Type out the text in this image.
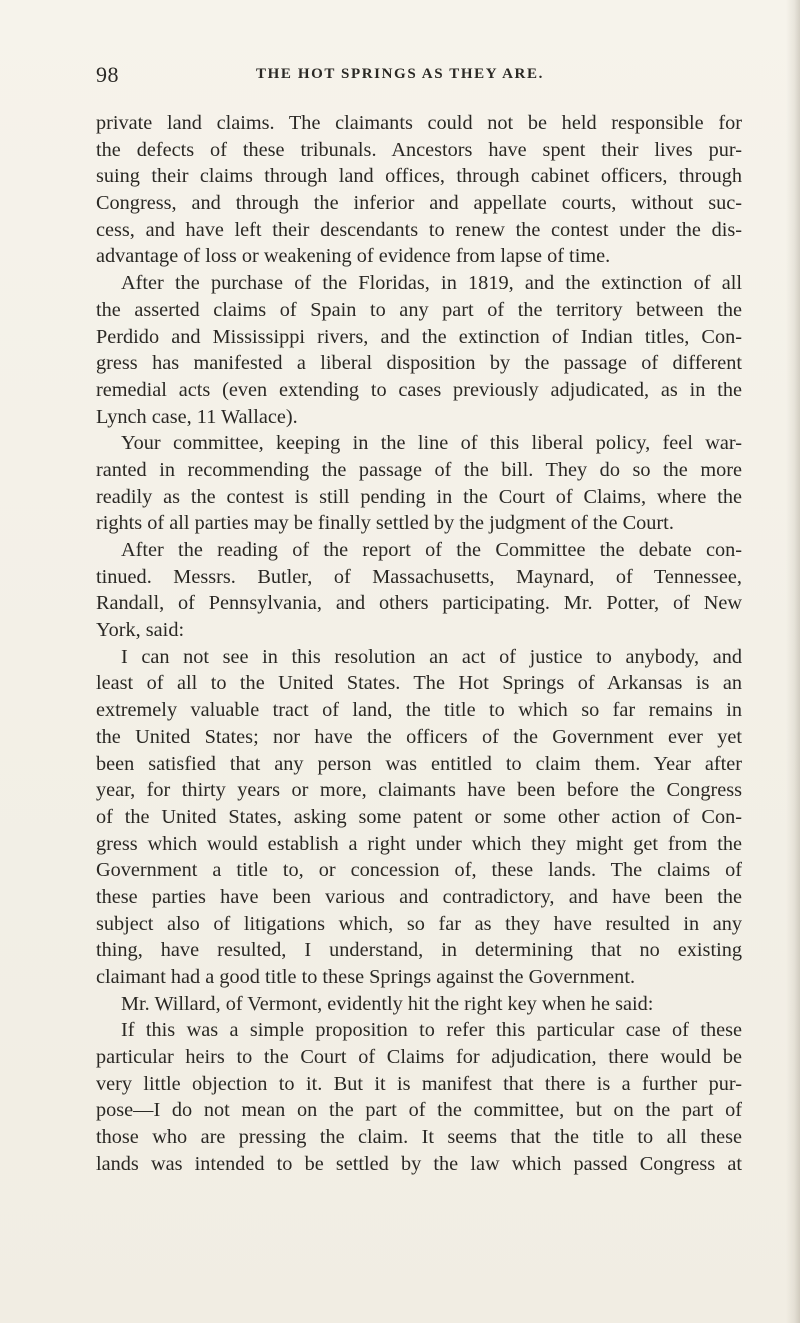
98	THE HOT SPRINGS AS THEY ARE.
private land claims. The claimants could not be held responsible for
the defects of these tribunals. Ancestors have spent their lives pur-
suing their claims through land offices, through cabinet officers, through
Congress, and through the inferior and appellate courts, without suc-
cess, and have left their descendants to renew the contest under the dis-
advantage of loss or weakening of evidence from lapse of time.
After the purchase of the Floridas, in 1819, and the extinction of all
the asserted claims of Spain to any part of the territory between the
Perdido and Mississippi rivers, and the extinction of Indian titles, Con-
gress has manifested a liberal disposition by the passage of different
remedial acts (even extending to cases previously adjudicated, as in the
Lynch case, 11 Wallace).
Your committee, keeping in the line of this liberal policy, feel war-
ranted in recommending the passage of the bill. They do so the more
readily as the contest is still pending in the Court of Claims, where the
rights of all parties may be finally settled by the judgment of the Court.
After the reading of the report of the Committee the debate con-
tinued. Messrs. Butler, of Massachusetts, Maynard, of Tennessee,
Randall, of Pennsylvania, and others participating. Mr. Potter, of New
York, said:
I can not see in this resolution an act of justice to anybody, and
least of all to the United States. The Hot Springs of Arkansas is an
extremely valuable tract of land, the title to which so far remains in
the United States; nor have the officers of the Government ever yet
been satisfied that any person was entitled to claim them. Year after
year, for thirty years or more, claimants have been before the Congress
of the United States, asking some patent or some other action of Con-
gress which would establish a right under which they might get from the
Government a title to, or concession of, these lands. The claims of
these parties have been various and contradictory, and have been the
subject also of litigations which, so far as they have resulted in any
thing, have resulted, I understand, in determining that no existing
claimant had a good title to these Springs against the Government.
Mr. Willard, of Vermont, evidently hit the right key when he said:
If this was a simple proposition to refer this particular case of these
particular heirs to the Court of Claims for adjudication, there would be
very little objection to it. But it is manifest that there is a further pur-
pose—I do not mean on the part of the committee, but on the part of
those who are pressing the claim. It seems that the title to all these
lands was intended to be settled by the law which passed Congress at
